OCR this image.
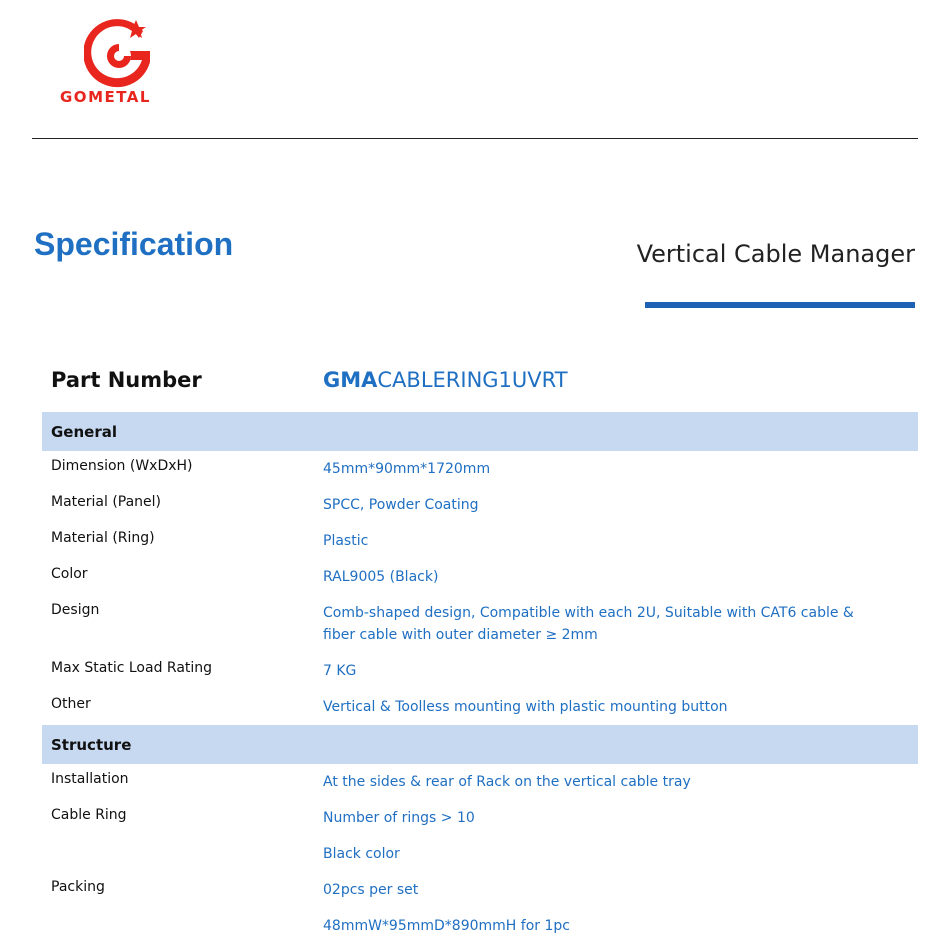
GOMETAL
Specification	Vertical Cable Manager
Part Number	GMACABLERING1UVRT
General	
Dimension (WxDxH)	45mm*90mm*1720mm
Material (Panel)	SPCC, Powder Coating
Material (Ring)	Plastic
Color	RAL9005 (Black)
Design	Comb-shaped design, Compatible with each 2U, Suitable with CAT6 cable & fiber cable with outer diameter ≥ 2mm
Max Static Load Rating	7 KG
Other	Vertical & Toolless mounting with plastic mounting button
Structure	
Installation	At the sides & rear of Rack on the vertical cable tray
Cable Ring	Number of rings > 10
	Black color
Packing	02pcs per set
	48mmW*95mmD*890mmH for 1pc
